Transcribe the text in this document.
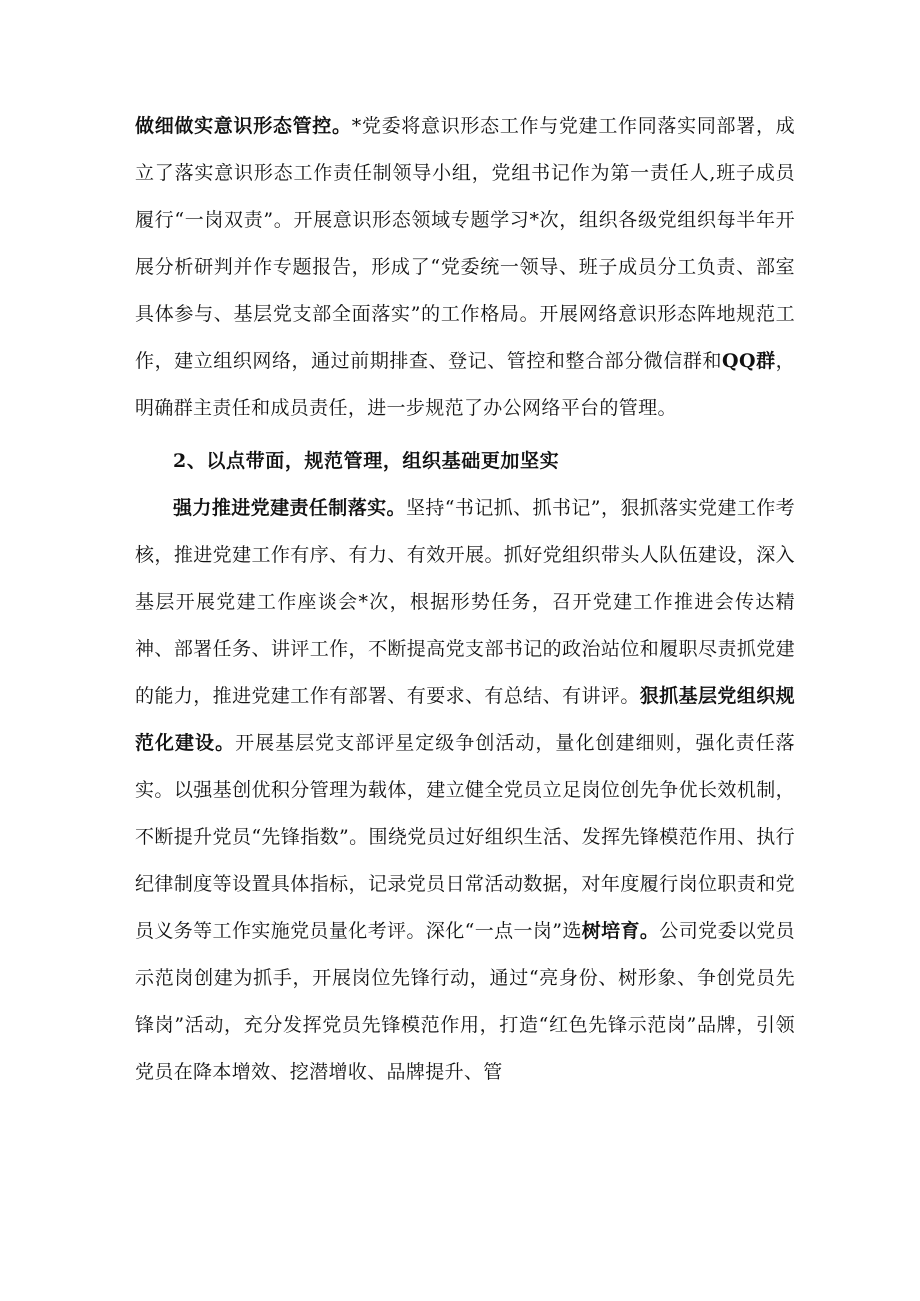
做细做实意识形态管控。*党委将意识形态工作与党建工作同落实同部署，成立了落实意识形态工作责任制领导小组，党组书记作为第一责任人,班子成员履行“一岗双责”。开展意识形态领域专题学习*次，组织各级党组织每半年开展分析研判并作专题报告，形成了“党委统一领导、班子成员分工负责、部室具体参与、基层党支部全面落实”的工作格局。开展网络意识形态阵地规范工作，建立组织网络，通过前期排查、登记、管控和整合部分微信群和QQ群，明确群主责任和成员责任，进一步规范了办公网络平台的管理。

2、以点带面，规范管理，组织基础更加坚实

强力推进党建责任制落实。坚持“书记抓、抓书记”，狠抓落实党建工作考核，推进党建工作有序、有力、有效开展。抓好党组织带头人队伍建设，深入基层开展党建工作座谈会*次，根据形势任务，召开党建工作推进会传达精神、部署任务、讲评工作，不断提高党支部书记的政治站位和履职尽责抓党建的能力，推进党建工作有部署、有要求、有总结、有讲评。狠抓基层党组织规范化建设。开展基层党支部评星定级争创活动，量化创建细则，强化责任落实。以强基创优积分管理为载体，建立健全党员立足岗位创先争优长效机制，不断提升党员“先锋指数”。围绕党员过好组织生活、发挥先锋模范作用、执行纪律制度等设置具体指标，记录党员日常活动数据，对年度履行岗位职责和党员义务等工作实施党员量化考评。深化“一点一岗”选树培育。公司党委以党员示范岗创建为抓手，开展岗位先锋行动，通过“亮身份、树形象、争创党员先锋岗”活动，充分发挥党员先锋模范作用，打造“红色先锋示范岗”品牌，引领党员在降本增效、挖潜增收、品牌提升、管
